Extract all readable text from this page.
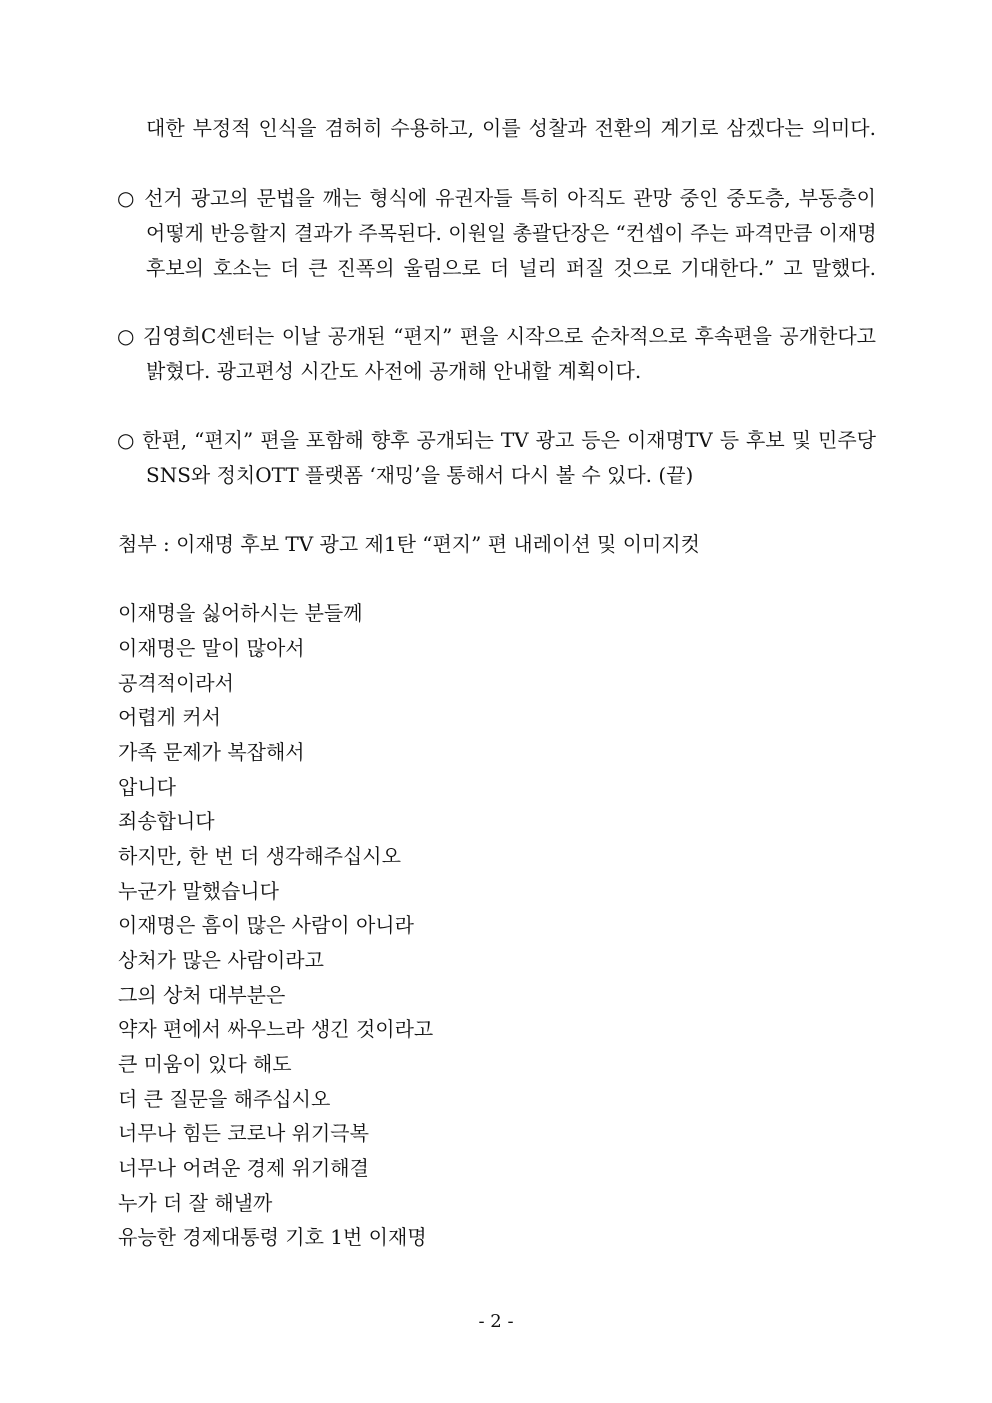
대한 부정적 인식을 겸허히 수용하고, 이를 성찰과 전환의 계기로 삼겠다는 의미다.
○ 선거 광고의 문법을 깨는 형식에 유권자들 특히 아직도 관망 중인 중도층, 부동층이
어떻게 반응할지 결과가 주목된다. 이원일 총괄단장은 “컨셉이 주는 파격만큼 이재명
후보의 호소는 더 큰 진폭의 울림으로 더 널리 퍼질 것으로 기대한다.” 고 말했다.
○ 김영희C센터는 이날 공개된 “편지” 편을 시작으로 순차적으로 후속편을 공개한다고
밝혔다. 광고편성 시간도 사전에 공개해 안내할 계획이다.
○ 한편, “편지” 편을 포함해 향후 공개되는 TV 광고 등은 이재명TV 등 후보 및 민주당
SNS와 정치OTT 플랫폼 ‘재밍’을 통해서 다시 볼 수 있다. (끝)
첨부 : 이재명 후보 TV 광고 제1탄 “편지” 편 내레이션 및 이미지컷
이재명을 싫어하시는 분들께
이재명은 말이 많아서
공격적이라서
어렵게 커서
가족 문제가 복잡해서
압니다
죄송합니다
하지만, 한 번 더 생각해주십시오
누군가 말했습니다
이재명은 흠이 많은 사람이 아니라
상처가 많은 사람이라고
그의 상처 대부분은
약자 편에서 싸우느라 생긴 것이라고
큰 미움이 있다 해도
더 큰 질문을 해주십시오
너무나 힘든 코로나 위기극복
너무나 어려운 경제 위기해결
누가 더 잘 해낼까
유능한 경제대통령 기호 1번 이재명
- 2 -
